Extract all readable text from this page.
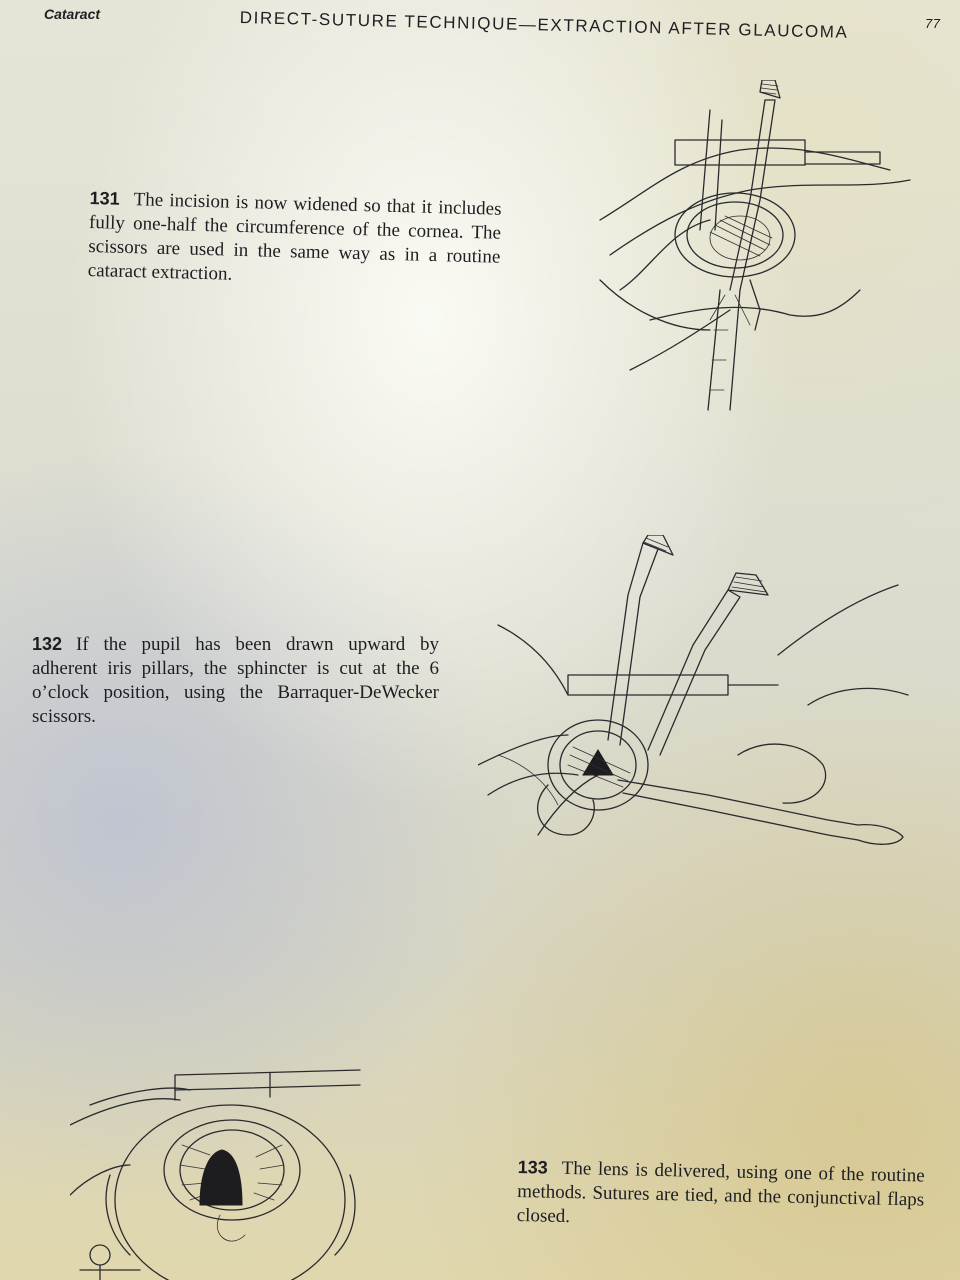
Cataract	DIRECT-SUTURE TECHNIQUE—EXTRACTION AFTER GLAUCOMA	77
131 The incision is now widened so that it includes fully one-half the circumference of the cornea. The scissors are used in the same way as in a routine cataract extraction.
132 If the pupil has been drawn upward by adherent iris pillars, the sphincter is cut at the 6 o’clock position, using the Barraquer-DeWecker scissors.
133 The lens is delivered, using one of the routine methods. Sutures are tied, and the conjunctival flaps closed.
